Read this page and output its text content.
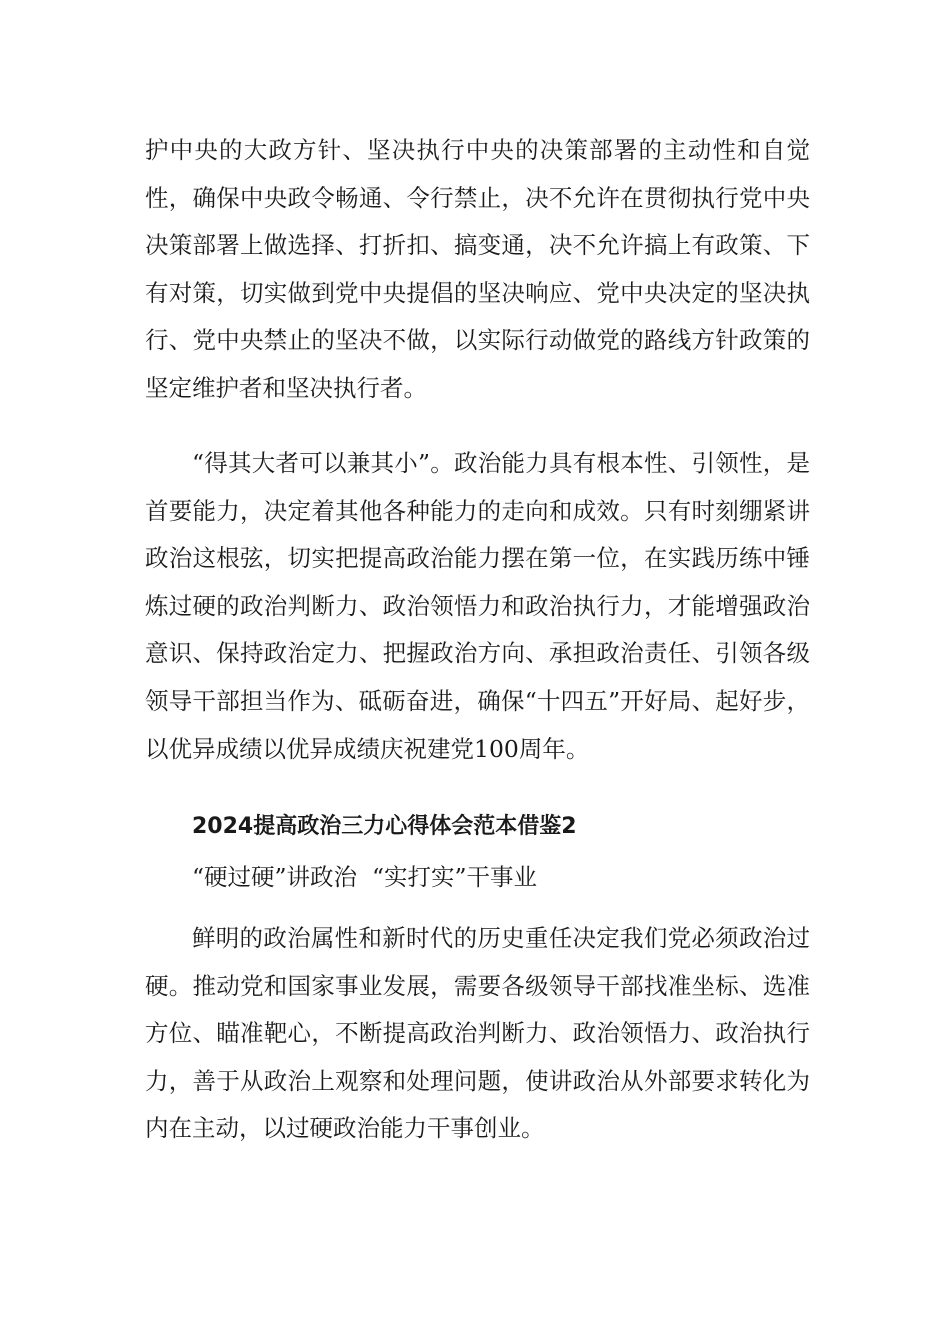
护中央的大政方针、坚决执行中央的决策部署的主动性和自觉性，确保中央政令畅通、令行禁止，决不允许在贯彻执行党中央决策部署上做选择、打折扣、搞变通，决不允许搞上有政策、下有对策，切实做到党中央提倡的坚决响应、党中央决定的坚决执行、党中央禁止的坚决不做，以实际行动做党的路线方针政策的坚定维护者和坚决执行者。

“得其大者可以兼其小”。政治能力具有根本性、引领性，是首要能力，决定着其他各种能力的走向和成效。只有时刻绷紧讲政治这根弦，切实把提高政治能力摆在第一位，在实践历练中锤炼过硬的政治判断力、政治领悟力和政治执行力，才能增强政治意识、保持政治定力、把握政治方向、承担政治责任、引领各级领导干部担当作为、砥砺奋进，确保“十四五”开好局、起好步，以优异成绩以优异成绩庆祝建党100周年。

2024提高政治三力心得体会范本借鉴2

“硬过硬”讲政治  “实打实”干事业

鲜明的政治属性和新时代的历史重任决定我们党必须政治过硬。推动党和国家事业发展，需要各级领导干部找准坐标、选准方位、瞄准靶心，不断提高政治判断力、政治领悟力、政治执行力，善于从政治上观察和处理问题，使讲政治从外部要求转化为内在主动，以过硬政治能力干事创业。
